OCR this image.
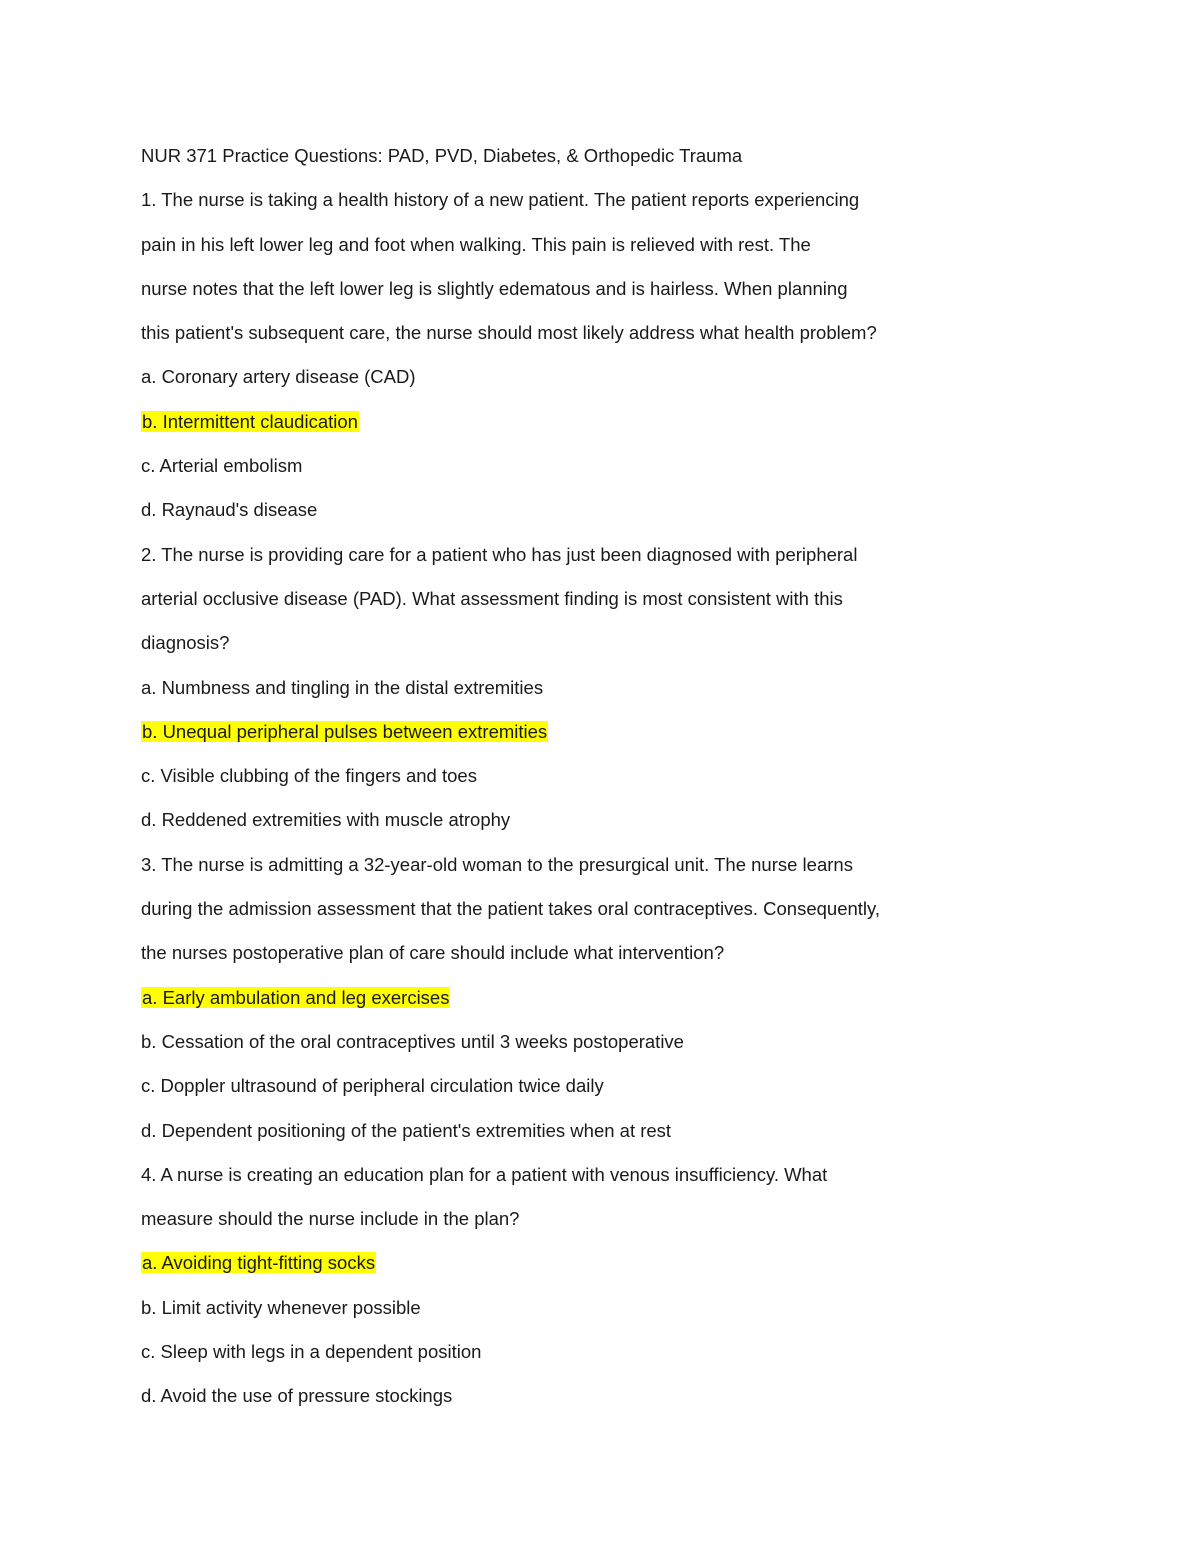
NUR 371 Practice Questions: PAD, PVD, Diabetes, & Orthopedic Trauma
1. The nurse is taking a health history of a new patient. The patient reports experiencing
pain in his left lower leg and foot when walking. This pain is relieved with rest. The
nurse notes that the left lower leg is slightly edematous and is hairless. When planning
this patient's subsequent care, the nurse should most likely address what health problem?
a. Coronary artery disease (CAD)
b. Intermittent claudication
c. Arterial embolism
d. Raynaud's disease
2. The nurse is providing care for a patient who has just been diagnosed with peripheral
arterial occlusive disease (PAD). What assessment finding is most consistent with this
diagnosis?
a. Numbness and tingling in the distal extremities
b. Unequal peripheral pulses between extremities
c. Visible clubbing of the fingers and toes
d. Reddened extremities with muscle atrophy
3. The nurse is admitting a 32-year-old woman to the presurgical unit. The nurse learns
during the admission assessment that the patient takes oral contraceptives. Consequently,
the nurses postoperative plan of care should include what intervention?
a. Early ambulation and leg exercises
b. Cessation of the oral contraceptives until 3 weeks postoperative
c. Doppler ultrasound of peripheral circulation twice daily
d. Dependent positioning of the patient's extremities when at rest
4. A nurse is creating an education plan for a patient with venous insufficiency. What
measure should the nurse include in the plan?
a. Avoiding tight-fitting socks
b. Limit activity whenever possible
c. Sleep with legs in a dependent position
d. Avoid the use of pressure stockings
